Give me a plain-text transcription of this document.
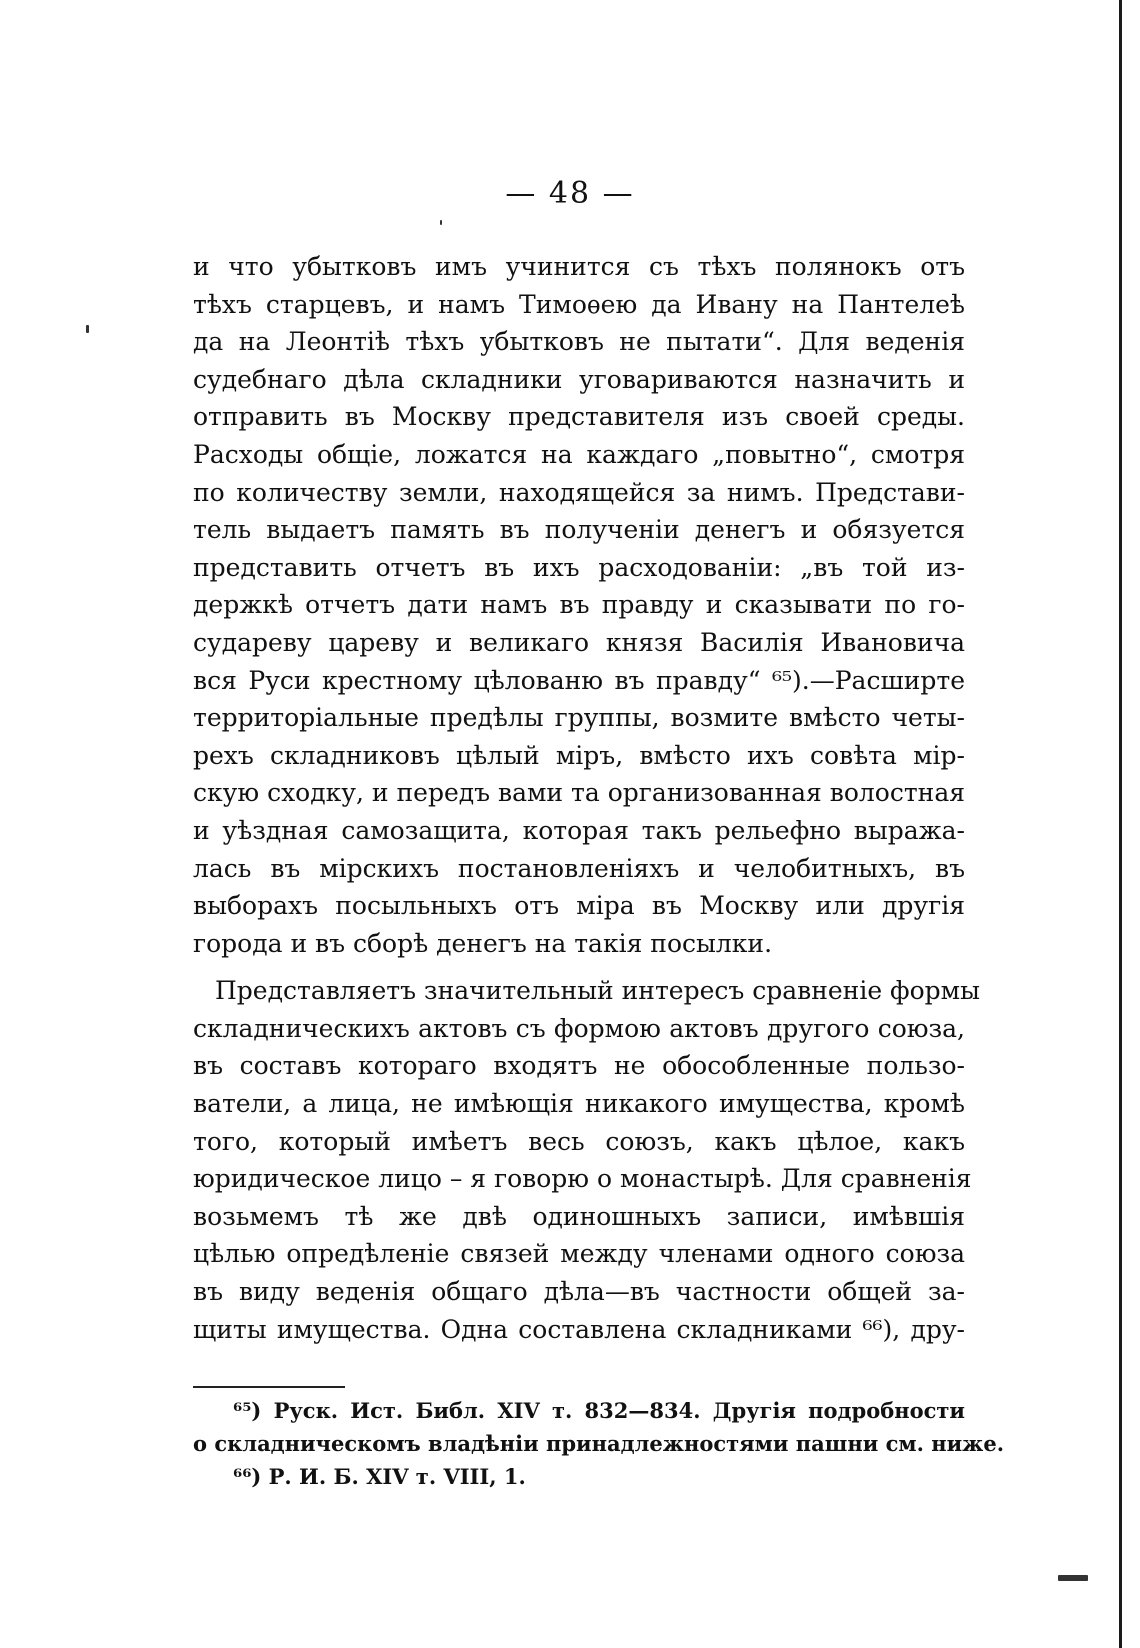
— 48 —
и что убытковъ имъ учинится съ тѣхъ полянокъ отъ
тѣхъ старцевъ, и намъ Тимоѳею да Ивану на Пантелеѣ
да на Леонтіѣ тѣхъ убытковъ не пытати“. Для веденія
судебнаго дѣла складники уговариваются назначить и
отправить въ Москву представителя изъ своей среды.
Расходы общіе, ложатся на каждаго „повытно“, смотря
по количеству земли, находящейся за нимъ. Представи-
тель выдаетъ память въ полученіи денегъ и обязуется
представить отчетъ въ ихъ расходованіи: „въ той из-
держкѣ отчетъ дати намъ въ правду и сказывати по го-
судареву цареву и великаго князя Василія Ивановича
вся Руси крестному цѣлованю въ правду“ ⁶⁵).—Расширте
территоріальные предѣлы группы, возмите вмѣсто четы-
рехъ складниковъ цѣлый міръ, вмѣсто ихъ совѣта мір-
скую сходку, и передъ вами та организованная волостная
и уѣздная самозащита, которая такъ рельефно выража-
лась въ мірскихъ постановленіяхъ и челобитныхъ, въ
выборахъ посыльныхъ отъ міра въ Москву или другія
города и въ сборѣ денегъ на такія посылки.
Представляетъ значительный интересъ сравненіе формы
складническихъ актовъ съ формою актовъ другого союза,
въ составъ котораго входятъ не обособленные пользо-
ватели, а лица, не имѣющія никакого имущества, кромѣ
того, который имѣетъ весь союзъ, какъ цѣлое, какъ
юридическое лицо – я говорю о монастырѣ. Для сравненія
возьмемъ тѣ же двѣ одиношныхъ записи, имѣвшія
цѣлью опредѣленіе связей между членами одного союза
въ виду веденія общаго дѣла—въ частности общей за-
щиты имущества. Одна составлена складниками ⁶⁶), дру-
⁶⁵) Руск. Ист. Библ. XIV т. 832—834. Другія подробности
о складническомъ владѣніи принадлежностями пашни см. ниже.
⁶⁶) Р. И. Б. XIV т. VIII, 1.
